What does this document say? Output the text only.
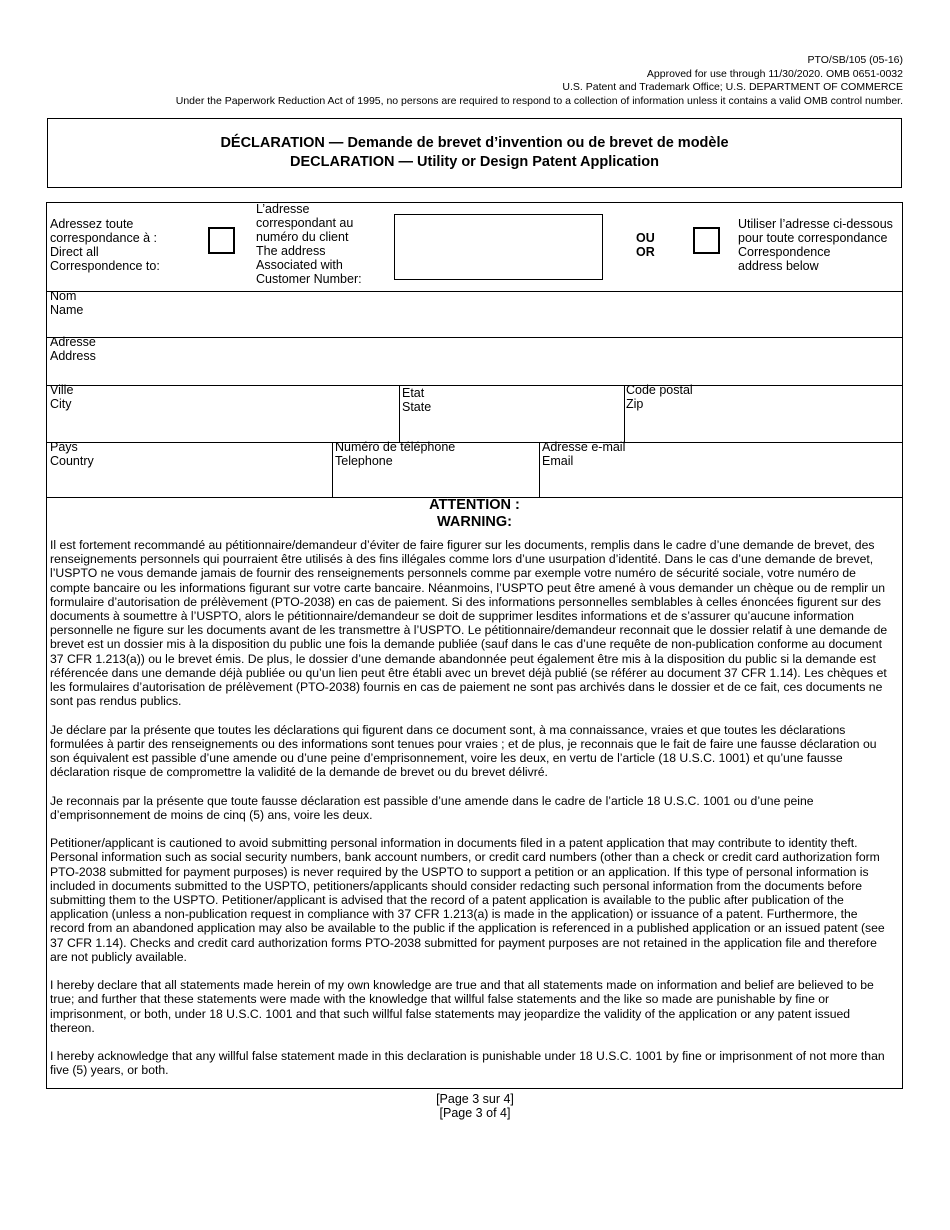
PTO/SB/105 (05-16)
Approved for use through 11/30/2020. OMB 0651-0032
U.S. Patent and Trademark Office; U.S. DEPARTMENT OF COMMERCE
Under the Paperwork Reduction Act of 1995, no persons are required to respond to a collection of information unless it contains a valid OMB control number.
DÉCLARATION — Demande de brevet d’invention ou de brevet de modèle
DECLARATION — Utility or Design Patent Application
Adressez toute
correspondance à :
Direct all
Correspondence to:
L’adresse
correspondant au
numéro du client
The address
Associated with
Customer Number:
OU
OR
Utiliser l’adresse ci-dessous
pour toute correspondance
Correspondence
address below
Nom
Name
Adresse
Address
Ville
City
Etat
State
Code postal
Zip
Pays
Country
Numéro de téléphone
Telephone
Adresse e-mail
Email
ATTENTION :
WARNING:

Il est fortement recommandé au pétitionnaire/demandeur d’éviter de faire figurer sur les documents, remplis dans le cadre d’une demande de brevet, des renseignements personnels qui pourraient être utilisés à des fins illégales comme lors d’une usurpation d’identité. Dans le cas d’une demande de brevet, l’USPTO ne vous demande jamais de fournir des renseignements personnels comme par exemple votre numéro de sécurité sociale, votre numéro de compte bancaire ou les informations figurant sur votre carte bancaire. Néanmoins, l’USPTO peut être amené à vous demander un chèque ou de remplir un formulaire d’autorisation de prélèvement (PTO-2038) en cas de paiement. Si des informations personnelles semblables à celles énoncées figurent sur des documents à soumettre à l’USPTO, alors le pétitionnaire/demandeur se doit de supprimer lesdites informations et de s’assurer qu’aucune information personnelle ne figure sur les documents avant de les transmettre à l’USPTO. Le pétitionnaire/demandeur reconnait que le dossier relatif à une demande de brevet est un dossier mis à la disposition du public une fois la demande publiée (sauf dans le cas d’une requête de non-publication conforme au document 37 CFR 1.213(a)) ou le brevet émis. De plus, le dossier d’une demande abandonnée peut également être mis à la disposition du public si la demande est référencée dans une demande déjà publiée ou qu’un lien peut être établi avec un brevet déjà publié (se référer au document 37 CFR 1.14). Les chèques et les formulaires d’autorisation de prélèvement (PTO-2038) fournis en cas de paiement ne sont pas archivés dans le dossier et de ce fait, ces documents ne sont pas rendus publics.

Je déclare par la présente que toutes les déclarations qui figurent dans ce document sont, à ma connaissance, vraies et que toutes les déclarations formulées à partir des renseignements ou des informations sont tenues pour vraies ; et de plus, je reconnais que le fait de faire une fausse déclaration ou son équivalent est passible d’une amende ou d’une peine d’emprisonnement, voire les deux, en vertu de l’article (18 U.S.C. 1001) et qu’une fausse déclaration risque de compromettre la validité de la demande de brevet ou du brevet délivré.

Je reconnais par la présente que toute fausse déclaration est passible d’une amende dans le cadre de l’article 18 U.S.C. 1001 ou d’une peine d’emprisonnement de moins de cinq (5) ans, voire les deux.

Petitioner/applicant is cautioned to avoid submitting personal information in documents filed in a patent application that may contribute to identity theft. Personal information such as social security numbers, bank account numbers, or credit card numbers (other than a check or credit card authorization form PTO-2038 submitted for payment purposes) is never required by the USPTO to support a petition or an application. If this type of personal information is included in documents submitted to the USPTO, petitioners/applicants should consider redacting such personal information from the documents before submitting them to the USPTO. Petitioner/applicant is advised that the record of a patent application is available to the public after publication of the application (unless a non-publication request in compliance with 37 CFR 1.213(a) is made in the application) or issuance of a patent. Furthermore, the record from an abandoned application may also be available to the public if the application is referenced in a published application or an issued patent (see 37 CFR 1.14). Checks and credit card authorization forms PTO-2038 submitted for payment purposes are not retained in the application file and therefore are not publicly available.

I hereby declare that all statements made herein of my own knowledge are true and that all statements made on information and belief are believed to be true; and further that these statements were made with the knowledge that willful false statements and the like so made are punishable by fine or imprisonment, or both, under 18 U.S.C. 1001 and that such willful false statements may jeopardize the validity of the application or any patent issued thereon.

I hereby acknowledge that any willful false statement made in this declaration is punishable under 18 U.S.C. 1001 by fine or imprisonment of not more than five (5) years, or both.

[Page 3 sur 4]
[Page 3 of 4]
